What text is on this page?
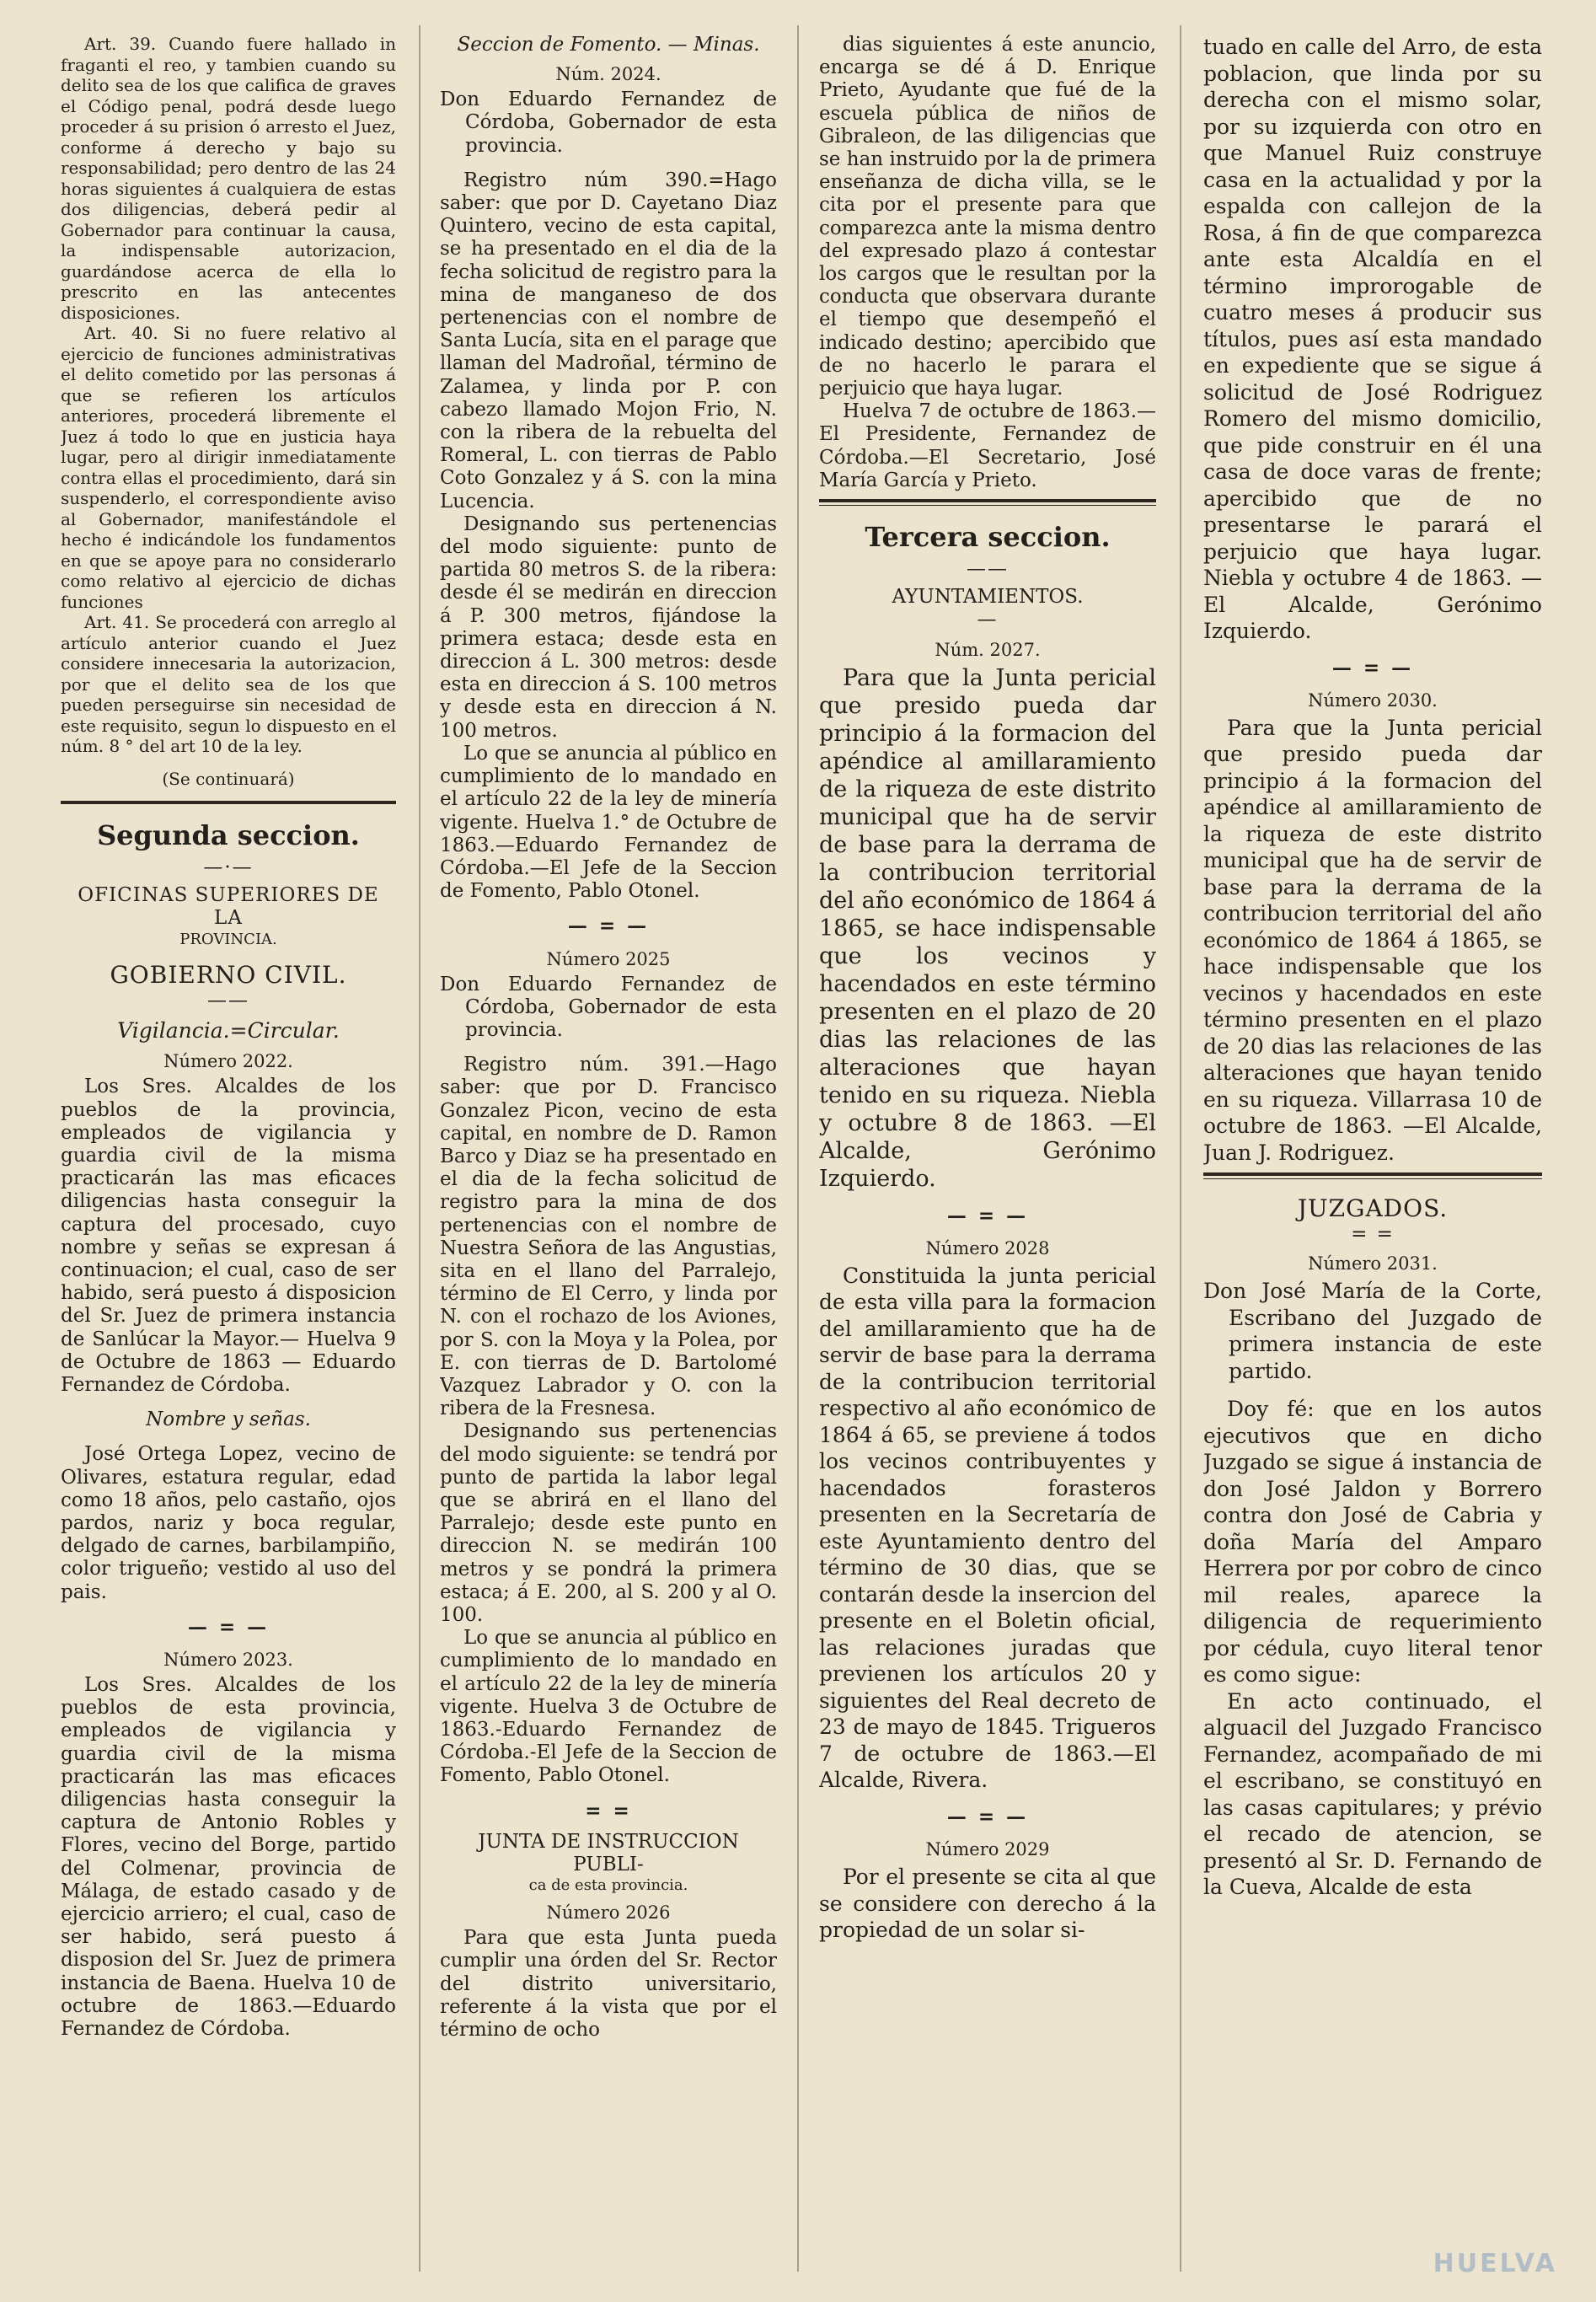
Art. 39. Cuando fuere hallado in fraganti el reo, y tambien cuando su delito sea de los que califica de graves el Código penal, podrá desde luego proceder á su prision ó arresto el Juez, conforme á derecho y bajo su responsabilidad; pero dentro de las 24 horas siguientes á cualquiera de estas dos diligencias, deberá pedir al Gobernador para continuar la causa, la indispensable autorizacion, guardándose acerca de ella lo prescrito en las antecentes disposiciones.

Art. 40. Si no fuere relativo al ejercicio de funciones administrativas el delito cometido por las personas á que se refieren los artículos anteriores, procederá libremente el Juez á todo lo que en justicia haya lugar, pero al dirigir inmediatamente contra ellas el procedimiento, dará sin suspenderlo, el correspondiente aviso al Gobernador, manifestándole el hecho é indicándole los fundamentos en que se apoye para no considerarlo como relativo al ejercicio de dichas funciones

Art. 41. Se procederá con arreglo al artículo anterior cuando el Juez considere innecesaria la autorizacion, por que el delito sea de los que pueden perseguirse sin necesidad de este requisito, segun lo dispuesto en el núm. 8 ° del art 10 de la ley.

(Se continuará)

Segunda seccion.

—·—

OFICINAS SUPERIORES DE LA

PROVINCIA.

GOBIERNO CIVIL.

——

Vigilancia.=Circular.

Número 2022.

Los Sres. Alcaldes de los pueblos de la provincia, empleados de vigilancia y guardia civil de la misma practicarán las mas eficaces diligencias hasta conseguir la captura del procesado, cuyo nombre y señas se expresan á continuacion; el cual, caso de ser habido, será puesto á disposicion del Sr. Juez de primera instancia de Sanlúcar la Mayor.— Huelva 9 de Octubre de 1863 — Eduardo Fernandez de Córdoba.

Nombre y señas.

José Ortega Lopez, vecino de Olivares, estatura regular, edad como 18 años, pelo castaño, ojos pardos, nariz y boca regular, delgado de carnes, barbilampiño, color trigueño; vestido al uso del pais.

— = —

Número 2023.

Los Sres. Alcaldes de los pueblos de esta provincia, empleados de vigilancia y guardia civil de la misma practicarán las mas eficaces diligencias hasta conseguir la captura de Antonio Robles y Flores, vecino del Borge, partido del Colmenar, provincia de Málaga, de estado casado y de ejercicio arriero; el cual, caso de ser habido, será puesto á disposion del Sr. Juez de primera instancia de Baena. Huelva 10 de octubre de 1863.—Eduardo Fernandez de Córdoba.

Seccion de Fomento. — Minas.

Núm. 2024.

Don Eduardo Fernandez de Córdoba, Gobernador de esta provincia.

Registro núm 390.=Hago saber: que por D. Cayetano Diaz Quintero, vecino de esta capital, se ha presentado en el dia de la fecha solicitud de registro para la mina de manganeso de dos pertenencias con el nombre de Santa Lucía, sita en el parage que llaman del Madroñal, término de Zalamea, y linda por P. con cabezo llamado Mojon Frio, N. con la ribera de la rebuelta del Romeral, L. con tierras de Pablo Coto Gonzalez y á S. con la mina Lucencia.

Designando sus pertenencias del modo siguiente: punto de partida 80 metros S. de la ribera: desde él se medirán en direccion á P. 300 metros, fijándose la primera estaca; desde esta en direccion á L. 300 metros: desde esta en direccion á S. 100 metros y desde esta en direccion á N. 100 metros.

Lo que se anuncia al público en cumplimiento de lo mandado en el artículo 22 de la ley de minería vigente. Huelva 1.° de Octubre de 1863.—Eduardo Fernandez de Córdoba.—El Jefe de la Seccion de Fomento, Pablo Otonel.

— = —

Número 2025

Don Eduardo Fernandez de Córdoba, Gobernador de esta provincia.

Registro núm. 391.—Hago saber: que por D. Francisco Gonzalez Picon, vecino de esta capital, en nombre de D. Ramon Barco y Diaz se ha presentado en el dia de la fecha solicitud de registro para la mina de dos pertenencias con el nombre de Nuestra Señora de las Angustias, sita en el llano del Parralejo, término de El Cerro, y linda por N. con el rochazo de los Aviones, por S. con la Moya y la Polea, por E. con tierras de D. Bartolomé Vazquez Labrador y O. con la ribera de la Fresnesa.

Designando sus pertenencias del modo siguiente: se tendrá por punto de partida la labor legal que se abrirá en el llano del Parralejo; desde este punto en direccion N. se medirán 100 metros y se pondrá la primera estaca; á E. 200, al S. 200 y al O. 100.

Lo que se anuncia al público en cumplimiento de lo mandado en el artículo 22 de la ley de minería vigente. Huelva 3 de Octubre de 1863.-Eduardo Fernandez de Córdoba.-El Jefe de la Seccion de Fomento, Pablo Otonel.

= =

JUNTA DE INSTRUCCION PUBLI-

ca de esta provincia.

Número 2026

Para que esta Junta pueda cumplir una órden del Sr. Rector del distrito universitario, referente á la vista que por el término de ocho

dias siguientes á este anuncio, encarga se dé á D. Enrique Prieto, Ayudante que fué de la escuela pública de niños de Gibraleon, de las diligencias que se han instruido por la de primera enseñanza de dicha villa, se le cita por el presente para que comparezca ante la misma dentro del expresado plazo á contestar los cargos que le resultan por la conducta que observara durante el tiempo que desempeñó el indicado destino; apercibido que de no hacerlo le parara el perjuicio que haya lugar.

Huelva 7 de octubre de 1863.— El Presidente, Fernandez de Córdoba.—El Secretario, José María García y Prieto.

Tercera seccion.

——

AYUNTAMIENTOS.

—

Núm. 2027.

Para que la Junta pericial que presido pueda dar principio á la formacion del apéndice al amillaramiento de la riqueza de este distrito municipal que ha de servir de base para la derrama de la contribucion territorial del año económico de 1864 á 1865, se hace indispensable que los vecinos y hacendados en este término presenten en el plazo de 20 dias las relaciones de las alteraciones que hayan tenido en su riqueza. Niebla y octubre 8 de 1863. —El Alcalde, Gerónimo Izquierdo.

— = —

Número 2028

Constituida la junta pericial de esta villa para la formacion del amillaramiento que ha de servir de base para la derrama de la contribucion territorial respectivo al año económico de 1864 á 65, se previene á todos los vecinos contribuyentes y hacendados forasteros presenten en la Secretaría de este Ayuntamiento dentro del término de 30 dias, que se contarán desde la insercion del presente en el Boletin oficial, las relaciones juradas que previenen los artículos 20 y siguientes del Real decreto de 23 de mayo de 1845. Trigueros 7 de octubre de 1863.—El Alcalde, Rivera.

— = —

Número 2029

Por el presente se cita al que se considere con derecho á la propiedad de un solar si-

tuado en calle del Arro, de esta poblacion, que linda por su derecha con el mismo solar, por su izquierda con otro en que Manuel Ruiz construye casa en la actualidad y por la espalda con callejon de la Rosa, á fin de que comparezca ante esta Alcaldía en el término improrogable de cuatro meses á producir sus títulos, pues así esta mandado en expediente que se sigue á solicitud de José Rodriguez Romero del mismo domicilio, que pide construir en él una casa de doce varas de frente; apercibido que de no presentarse le parará el perjuicio que haya lugar. Niebla y octubre 4 de 1863. —El Alcalde, Gerónimo Izquierdo.

— = —

Número 2030.

Para que la Junta pericial que presido pueda dar principio á la formacion del apéndice al amillaramiento de la riqueza de este distrito municipal que ha de servir de base para la derrama de la contribucion territorial del año económico de 1864 á 1865, se hace indispensable que los vecinos y hacendados en este término presenten en el plazo de 20 dias las relaciones de las alteraciones que hayan tenido en su riqueza. Villarrasa 10 de octubre de 1863. —El Alcalde, Juan J. Rodriguez.

JUZGADOS.

= =

Número 2031.

Don José María de la Corte, Escribano del Juzgado de primera instancia de este partido.

Doy fé: que en los autos ejecutivos que en dicho Juzgado se sigue á instancia de don José Jaldon y Borrero contra don José de Cabria y doña María del Amparo Herrera por por cobro de cinco mil reales, aparece la diligencia de requerimiento por cédula, cuyo literal tenor es como sigue:

En acto continuado, el alguacil del Juzgado Francisco Fernandez, acompañado de mi el escribano, se constituyó en las casas capitulares; y prévio el recado de atencion, se presentó al Sr. D. Fernando de la Cueva, Alcalde de esta

HUELVA
